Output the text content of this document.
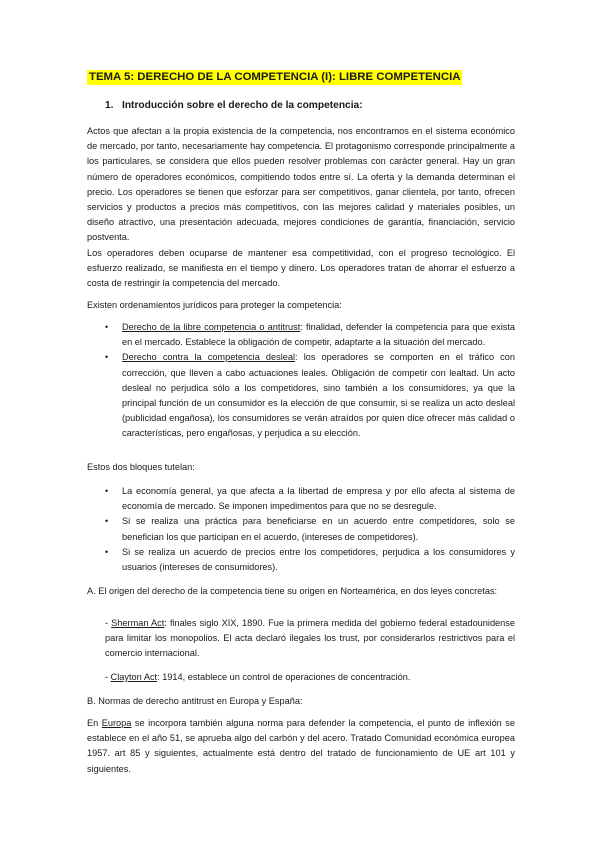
TEMA 5: DERECHO DE LA COMPETENCIA (I): LIBRE COMPETENCIA
1. Introducción sobre el derecho de la competencia:

Actos que afectan a la propia existencia de la competencia, nos encontramos en el sistema económico de mercado, por tanto, necesariamente hay competencia. El protagonismo corresponde principalmente a los particulares, se considera que ellos pueden resolver problemas con carácter general. Hay un gran número de operadores económicos, compitiendo todos entre sí. La oferta y la demanda determinan el precio. Los operadores se tienen que esforzar para ser competitivos, ganar clientela, por tanto, ofrecen servicios y productos a precios más competitivos, con las mejores calidad y materiales posibles, un diseño atractivo, una presentación adecuada, mejores condiciones de garantía, financiación, servicio postventa.

Los operadores deben ocuparse de mantener esa competitividad, con el progreso tecnológico. El esfuerzo realizado, se manifiesta en el tiempo y dinero. Los operadores tratan de ahorrar el esfuerzo a costa de restringir la competencia del mercado.

Existen ordenamientos jurídicos para proteger la competencia:

• Derecho de la libre competencia o antitrust: finalidad, defender la competencia para que exista en el mercado. Establece la obligación de competir, adaptarte a la situación del mercado.
• Derecho contra la competencia desleal: los operadores se comporten en el tráfico con corrección, que lleven a cabo actuaciones leales. Obligación de competir con lealtad. Un acto desleal no perjudica sólo a los competidores, sino también a los consumidores, ya que la principal función de un consumidor es la elección de que consumir, si se realiza un acto desleal (publicidad engañosa), los consumidores se verán atraídos por quien dice ofrecer más calidad o características, pero engañosas, y perjudica a su elección.

Estos dos bloques tutelan:

• La economía general, ya que afecta a la libertad de empresa y por ello afecta al sistema de economía de mercado. Se imponen impedimentos para que no se desregule.
• Si se realiza una práctica para beneficiarse en un acuerdo entre competidores, solo se benefician los que participan en el acuerdo, (intereses de competidores).
• Si se realiza un acuerdo de precios entre los competidores, perjudica a los consumidores y usuarios (intereses de consumidores).

A. El origen del derecho de la competencia tiene su origen en Norteamérica, en dos leyes concretas:

- Sherman Act: finales siglo XIX, 1890. Fue la primera medida del gobierno federal estadounidense para limitar los monopolios. El acta declaró ilegales los trust, por considerarlos restrictivos para el comercio internacional.

- Clayton Act: 1914, establece un control de operaciones de concentración.

B. Normas de derecho antitrust en Europa y España:

En Europa se incorpora también alguna norma para defender la competencia, el punto de inflexión se establece en el año 51, se aprueba algo del carbón y del acero. Tratado Comunidad económica europea 1957. art 85 y siguientes, actualmente está dentro del tratado de funcionamiento de UE art 101 y siguientes.
